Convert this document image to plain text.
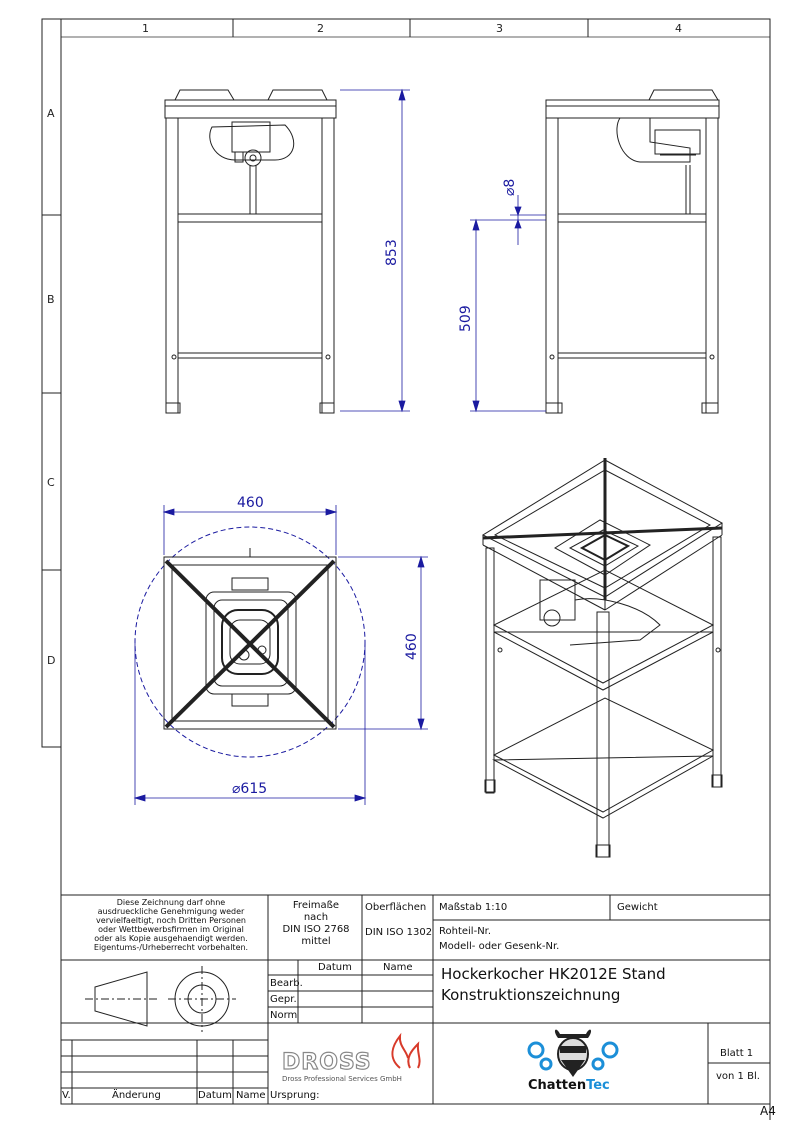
1	2	3	4
A
B
C
D
853
509
⌀8
460
460
⌀615
Diese Zeichnung darf ohne
ausdrueckliche Genehmigung weder
vervielfaeltigt, noch Dritten Personen
oder Wettbewerbsfirmen im Original
oder als Kopie ausgehaendigt werden.
Eigentums-/Urheberrecht vorbehalten.
Freimaße
nach
DIN ISO 2768
mittel
Oberflächen
DIN ISO 1302
Maßstab 1:10	Gewicht
Rohteil-Nr.
Modell- oder Gesenk-Nr.
Datum	Name
Bearb.
Gepr.
Norm
Hockerkocher HK2012E Stand
Konstruktionszeichnung
DROSS
Dross Professional Services GmbH	ChattenTec
Blatt 1
von 1 Bl.
V.	Änderung	Datum Name Ursprung:
A4
